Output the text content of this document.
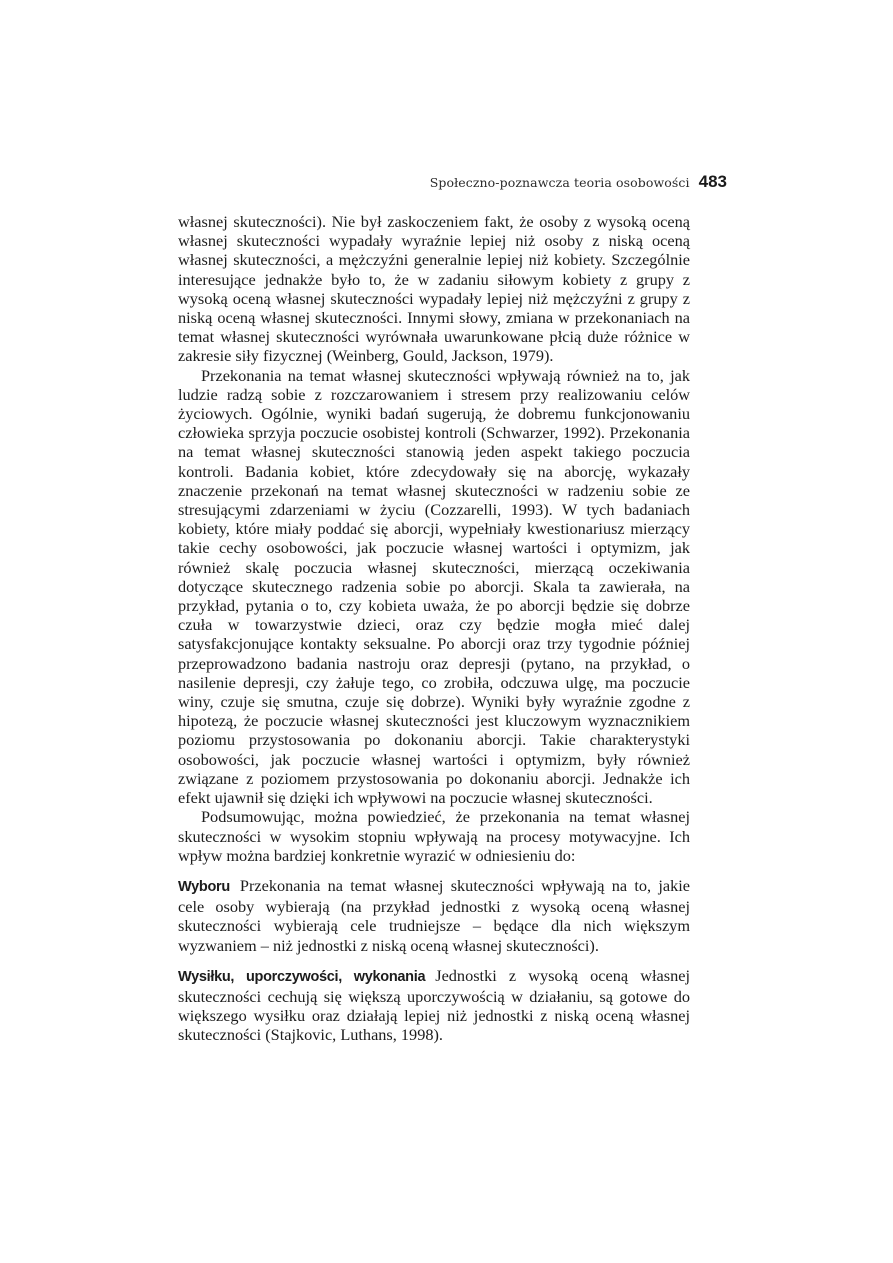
Społeczno-poznawcza teoria osobowości 483

własnej skuteczności). Nie był zaskoczeniem fakt, że osoby z wysoką oceną własnej skuteczności wypadały wyraźnie lepiej niż osoby z niską oceną własnej skuteczności, a mężczyźni generalnie lepiej niż kobiety. Szczególnie interesujące jednakże było to, że w zadaniu siłowym kobiety z grupy z wysoką oceną własnej skuteczności wypadały lepiej niż mężczyźni z grupy z niską oceną własnej skuteczności. Innymi słowy, zmiana w przekonaniach na temat własnej skuteczności wyrównała uwarunkowane płcią duże różnice w zakresie siły fizycznej (Weinberg, Gould, Jackson, 1979).

Przekonania na temat własnej skuteczności wpływają również na to, jak ludzie radzą sobie z rozczarowaniem i stresem przy realizowaniu celów życiowych. Ogólnie, wyniki badań sugerują, że dobremu funkcjonowaniu człowieka sprzyja poczucie osobistej kontroli (Schwarzer, 1992). Przekonania na temat własnej skuteczności stanowią jeden aspekt takiego poczucia kontroli. Badania kobiet, które zdecydowały się na aborcję, wykazały znaczenie przekonań na temat własnej skuteczności w radzeniu sobie ze stresującymi zdarzeniami w życiu (Cozzarelli, 1993). W tych badaniach kobiety, które miały poddać się aborcji, wypełniały kwestionariusz mierzący takie cechy osobowości, jak poczucie własnej wartości i optymizm, jak również skalę poczucia własnej skuteczności, mierzącą oczekiwania dotyczące skutecznego radzenia sobie po aborcji. Skala ta zawierała, na przykład, pytania o to, czy kobieta uważa, że po aborcji będzie się dobrze czuła w towarzystwie dzieci, oraz czy będzie mogła mieć dalej satysfakcjonujące kontakty seksualne. Po aborcji oraz trzy tygodnie później przeprowadzono badania nastroju oraz depresji (pytano, na przykład, o nasilenie depresji, czy żałuje tego, co zrobiła, odczuwa ulgę, ma poczucie winy, czuje się smutna, czuje się dobrze). Wyniki były wyraźnie zgodne z hipotezą, że poczucie własnej skuteczności jest kluczowym wyznacznikiem poziomu przystosowania po dokonaniu aborcji. Takie charakterystyki osobowości, jak poczucie własnej wartości i optymizm, były również związane z poziomem przystosowania po dokonaniu aborcji. Jednakże ich efekt ujawnił się dzięki ich wpływowi na poczucie własnej skuteczności.

Podsumowując, można powiedzieć, że przekonania na temat własnej skuteczności w wysokim stopniu wpływają na procesy motywacyjne. Ich wpływ można bardziej konkretnie wyrazić w odniesieniu do:

Wyboru Przekonania na temat własnej skuteczności wpływają na to, jakie cele osoby wybierają (na przykład jednostki z wysoką oceną własnej skuteczności wybierają cele trudniejsze – będące dla nich większym wyzwaniem – niż jednostki z niską oceną własnej skuteczności).

Wysiłku, uporczywości, wykonania Jednostki z wysoką oceną własnej skuteczności cechują się większą uporczywością w działaniu, są gotowe do większego wysiłku oraz działają lepiej niż jednostki z niską oceną własnej skuteczności (Stajkovic, Luthans, 1998).
